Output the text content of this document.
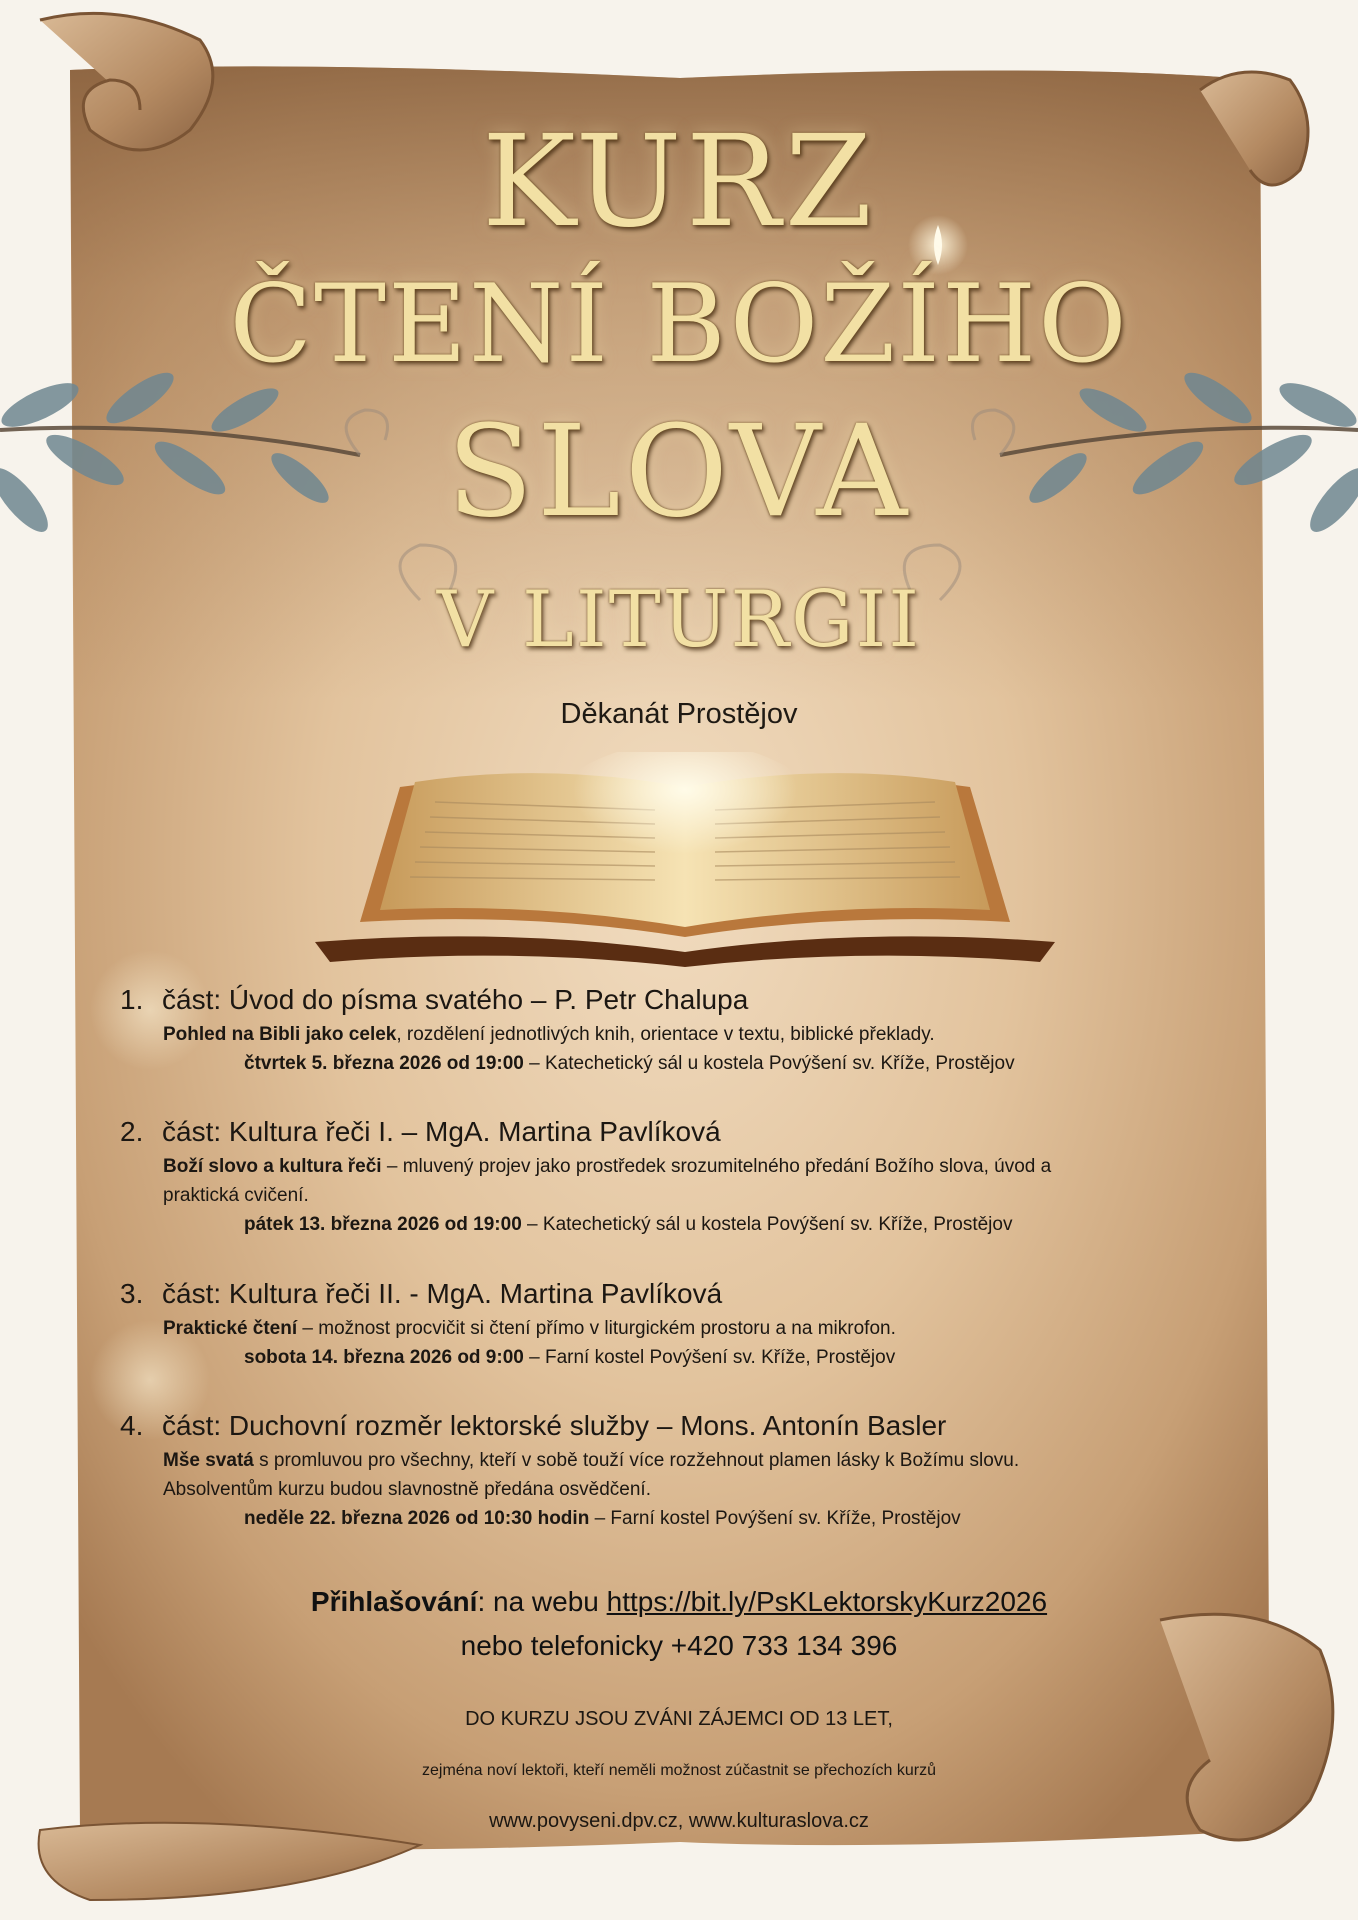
KURZ
ČTENÍ BOŽÍHO
SLOVA
V LITURGII
Děkanát Prostějov
1. část: Úvod do písma svatého – P. Petr Chalupa
Pohled na Bibli jako celek, rozdělení jednotlivých knih, orientace v textu, biblické překlady.
čtvrtek 5. března 2026 od 19:00 – Katechetický sál u kostela Povýšení sv. Kříže, Prostějov
2. část: Kultura řeči I. – MgA. Martina Pavlíková
Boží slovo a kultura řeči – mluvený projev jako prostředek srozumitelného předání Božího slova, úvod a praktická cvičení.
pátek 13. března 2026 od 19:00 – Katechetický sál u kostela Povýšení sv. Kříže, Prostějov
3. část: Kultura řeči II. - MgA. Martina Pavlíková
Praktické čtení – možnost procvičit si čtení přímo v liturgickém prostoru a na mikrofon.
sobota 14. března 2026 od 9:00 – Farní kostel Povýšení sv. Kříže, Prostějov
4. část: Duchovní rozměr lektorské služby – Mons. Antonín Basler
Mše svatá s promluvou pro všechny, kteří v sobě touží více rozžehnout plamen lásky k Božímu slovu. Absolventům kurzu budou slavnostně předána osvědčení.
neděle 22. března 2026 od 10:30 hodin – Farní kostel Povýšení sv. Kříže, Prostějov
Přihlašování: na webu https://bit.ly/PsKLektorskyKurz2026
nebo telefonicky +420 733 134 396
DO KURZU JSOU ZVÁNI ZÁJEMCI OD 13 LET,
zejména noví lektoři, kteří neměli možnost zúčastnit se přechozích kurzů
www.povyseni.dpv.cz, www.kulturaslova.cz
